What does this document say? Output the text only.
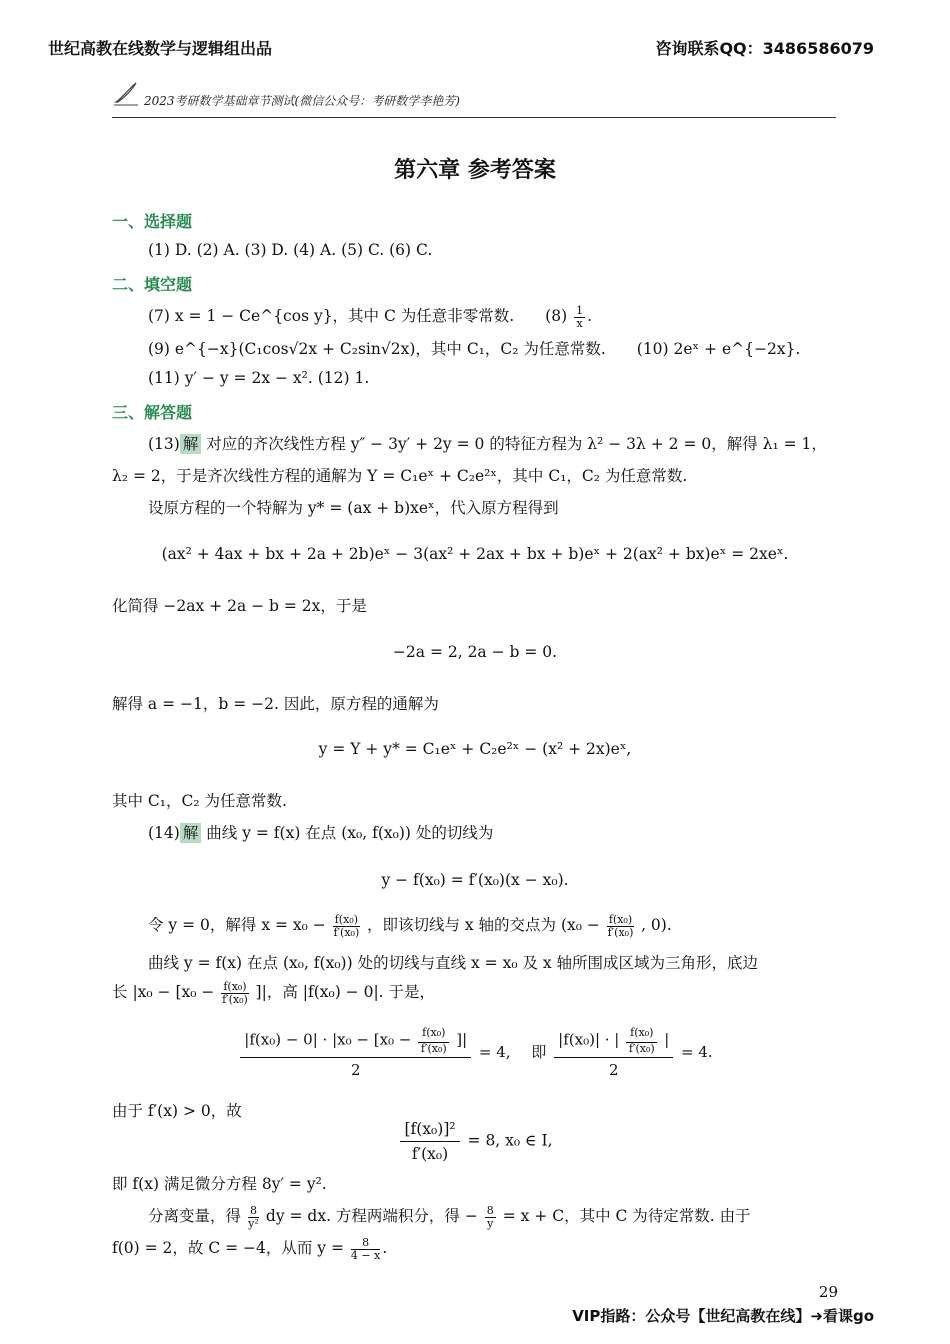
世纪高教在线数学与逻辑组出品	咨询联系QQ：3486586079
2023考研数学基础章节测试(微信公众号：考研数学李艳芳)
第六章 参考答案
一、选择题
(1) D. (2) A. (3) D. (4) A. (5) C. (6) C.
二、填空题
(7) x = 1 − Ce^{cos y}，其中 C 为任意非零常数. $(8) \frac{1}{x}$ .
(9) e^{−x}(C₁cos√2x + C₂sin√2x)，其中 C₁，C₂ 为任意常数. (10) 2eˣ + e^{−2x}.
(11) y′ − y = 2x − x². (12) 1.
三、解答题
(13) 解 对应的齐次线性方程 y″ − 3y′ + 2y = 0 的特征方程为 λ² − 3λ + 2 = 0，解得 λ₁ = 1，
λ₂ = 2，于是齐次线性方程的通解为 Y = C₁eˣ + C₂e²ˣ，其中 C₁，C₂ 为任意常数.
设原方程的一个特解为 y* = (ax + b)xeˣ，代入原方程得到
(ax² + 4ax + bx + 2a + 2b)eˣ − 3(ax² + 2ax + bx + b)eˣ + 2(ax² + bx)eˣ = 2xeˣ.
化简得 −2ax + 2a − b = 2x，于是
−2a = 2, 2a − b = 0.
解得 a = −1，b = −2. 因此，原方程的通解为
y = Y + y* = C₁eˣ + C₂e²ˣ − (x² + 2x)eˣ,
其中 C₁，C₂ 为任意常数.
(14) 解 曲线 y = f(x) 在点 (x₀, f(x₀)) 处的切线为
y − f(x₀) = f′(x₀)(x − x₀).
令 y = 0，解得 $x = x_0 - \frac{\text{f(x₀)}}{\text{f′(x₀)}}$ ，即该切线与 x 轴的交点为 ($x_0 - \frac{\text{f(x₀)}}{\text{f′(x₀)}}$ , 0).
曲线 y = f(x) 在点 (x₀, f(x₀)) 处的切线与直线 x = x₀ 及 x 轴所围成区域为三角形，底边
长 $|x_0 - [x_0 - \frac{\text{f(x₀)}}{\text{f′(x₀)}}$ ]|，高 |f(x₀) − 0|. 于是，
$\frac{|f(x_0) - 0| \cdot |x_0 - [x_0 - \frac{\text{f(x₀)}}{\text{f′(x₀)}} ]|}{2} = 4$, 即 $\frac{|f(x_0)| \cdot | \frac{\text{f(x₀)}}{\text{f′(x₀)}} |}{2} = 4$.
由于 f′(x) > 0，故
$\frac{\text{[f(x₀)]²}}{\text{f′(x₀)}} = 8$, x₀ ∈ I,
即 f(x) 满足微分方程 8y′ = y².
分离变量，得 $\frac{8}{\text{y²}}$ dy = dx. 方程两端积分，得 − $\frac{8}{y} = x + C$，其中 C 为待定常数. 由于
f(0) = 2，故 C = −4，从而 $y = \frac{8}{4 - x}$ .
29
VIP指路：公众号【世纪高教在线】➜看课go
